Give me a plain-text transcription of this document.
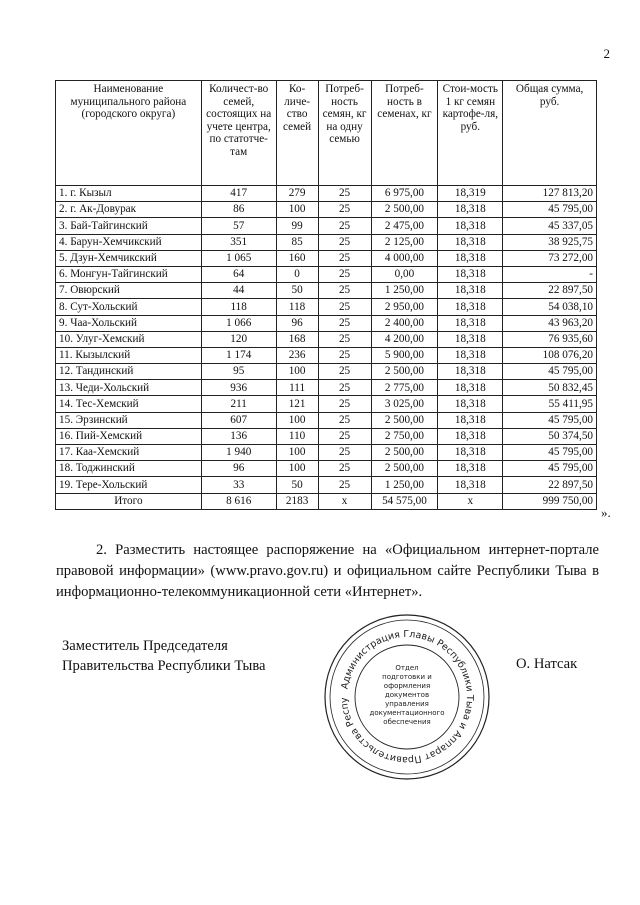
2
Наименование муниципального района (городского округа)	Количест-во семей, состоящих на учете центра, по статотче-там	Ко-личе-ство семей	Потреб-ность семян, кг на одну семью	Потреб-ность в семенах, кг	Стои-мость 1 кг семян картофе-ля, руб.	Общая сумма, руб.
1. г. Кызыл	417	279	25	6 975,00	18,319	127 813,20
2. г. Ак-Довурак	86	100	25	2 500,00	18,318	45 795,00
3. Бай-Тайгинский	57	99	25	2 475,00	18,318	45 337,05
4. Барун-Хемчикский	351	85	25	2 125,00	18,318	38 925,75
5. Дзун-Хемчикский	1 065	160	25	4 000,00	18,318	73 272,00
6. Монгун-Тайгинский	64	0	25	0,00	18,318	-
7. Овюрский	44	50	25	1 250,00	18,318	22 897,50
8. Сут-Хольский	118	118	25	2 950,00	18,318	54 038,10
9. Чаа-Хольский	1 066	96	25	2 400,00	18,318	43 963,20
10. Улуг-Хемский	120	168	25	4 200,00	18,318	76 935,60
11. Кызылский	1 174	236	25	5 900,00	18,318	108 076,20
12. Тандинский	95	100	25	2 500,00	18,318	45 795,00
13. Чеди-Хольский	936	111	25	2 775,00	18,318	50 832,45
14. Тес-Хемский	211	121	25	3 025,00	18,318	55 411,95
15. Эрзинский	607	100	25	2 500,00	18,318	45 795,00
16. Пий-Хемский	136	110	25	2 750,00	18,318	50 374,50
17. Каа-Хемский	1 940	100	25	2 500,00	18,318	45 795,00
18. Тоджинский	96	100	25	2 500,00	18,318	45 795,00
19. Тере-Хольский	33	50	25	1 250,00	18,318	22 897,50
Итого	8 616	2183	x	54 575,00	x	999 750,00
».

2. Разместить настоящее распоряжение на «Официальном интернет-портале правовой информации» (www.pravo.gov.ru) и официальном сайте Республики Тыва в информационно-телекоммуникационной сети «Интернет».

Заместитель Председателя
Правительства Республики Тыва
Администрация Главы Республики Тыва и Аппарат Правительства Респу
Отдел
подготовки и
оформления документов
управления
документационного
обеспечения
О. Натсак
